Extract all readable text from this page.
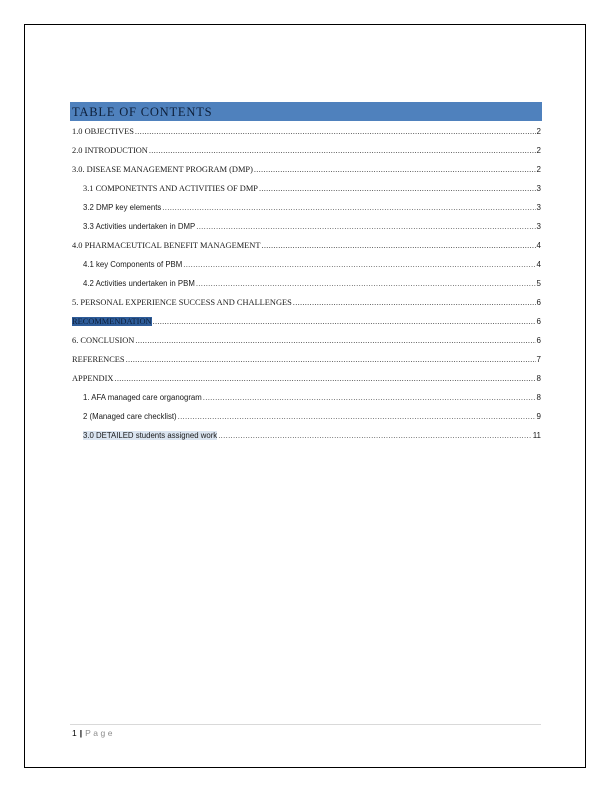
TABLE OF CONTENTS
1.0 OBJECTIVES .....	2
2.0 INTRODUCTION .....	2
3.0. DISEASE MANAGEMENT PROGRAM (DMP) .....	2
3.1 COMPONETNTS AND ACTIVITIES OF DMP .....	3
3.2 DMP key elements .....	3
3.3 Activities undertaken in DMP .....	3
4.0 PHARMACEUTICAL BENEFIT MANAGEMENT .....	4
4.1 key Components of PBM .....	4
4.2 Activities undertaken in PBM .....	5
5. PERSONAL EXPERIENCE SUCCESS AND CHALLENGES .....	6
RECOMMENDATION .....	6
6. CONCLUSION .....	6
REFERENCES .....	7
APPENDIX .....	8
1. AFA managed care organogram .....	8
2 (Managed care checklist) .....	9
3.0 DETAILED students assigned work .....	11
1 | Page
